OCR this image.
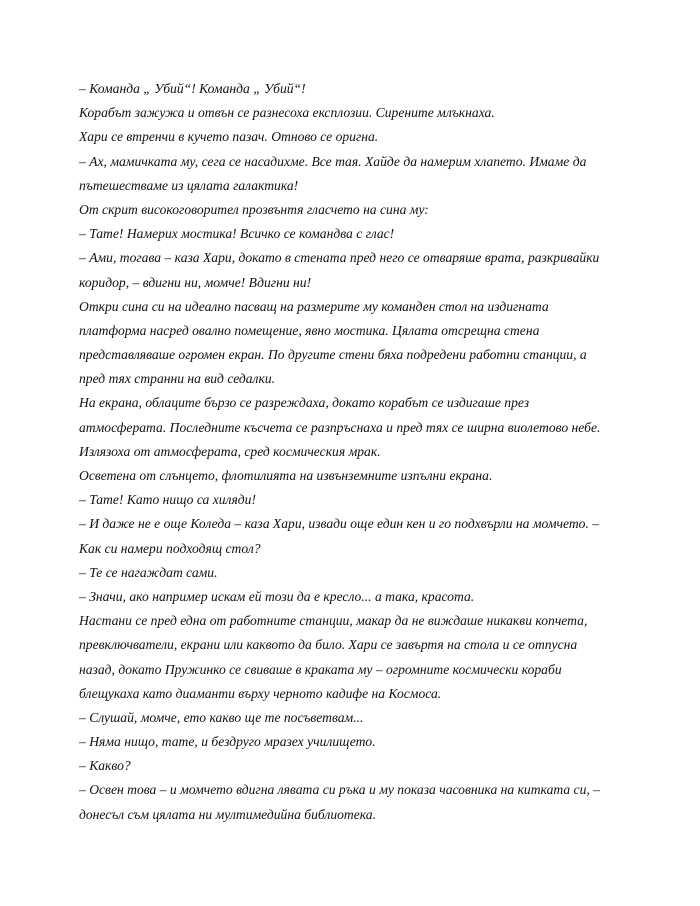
– Команда „ Убий“! Команда „ Убий“!
Корабът зажужа и отвън се разнесоха експлозии. Сирените млъкнаха.
Хари се втренчи в кучето пазач. Отново се оригна.
– Ах, мамичката му, сега се насадихме. Все тая. Хайде да намерим хлапето. Имаме да
пътешестваме из цялата галактика!
От скрит високоговорител прозвънтя гласчето на сина му:
– Тате! Намерих мостика! Всичко се командва с глас!
– Ами, тогава – каза Хари, докато в стената пред него се отваряше врата, разкривайки
коридор, – вдигни ни, момче! Вдигни ни!
Откри сина си на идеално пасващ на размерите му команден стол на издигната
платформа насред овално помещение, явно мостика. Цялата отсрещна стена
представляваше огромен екран. По другите стени бяха подредени работни станции, а
пред тях странни на вид седалки.
На екрана, облаците бързо се разреждаха, докато корабът се издигаше през
атмосферата. Последните късчета се разпръснаха и пред тях се ширна виолетово небе.
Излязоха от атмосферата, сред космическия мрак.
Осветена от слънцето, флотилията на извънземните изпълни екрана.
– Тате! Като нищо са хиляди!
– И даже не е още Коледа – каза Хари, извади още един кен и го подхвърли на момчето. –
Как си намери подходящ стол?
– Те се нагаждат сами.
– Значи, ако например искам ей този да е кресло... а така, красота.
Настани се пред една от работните станции, макар да не виждаше никакви копчета,
превключватели, екрани или каквото да било. Хари се завъртя на стола и се отпусна
назад, докато Пружинко се свиваше в краката му – огромните космически кораби
блещукаха като диаманти върху черното кадифе на Космоса.
– Слушай, момче, ето какво ще те посъветвам...
– Няма нищо, тате, и бездруго мразех училището.
– Какво?
– Освен това – и момчето вдигна лявата си ръка и му показа часовника на китката си, –
донесъл съм цялата ни мултимедийна библиотека.
